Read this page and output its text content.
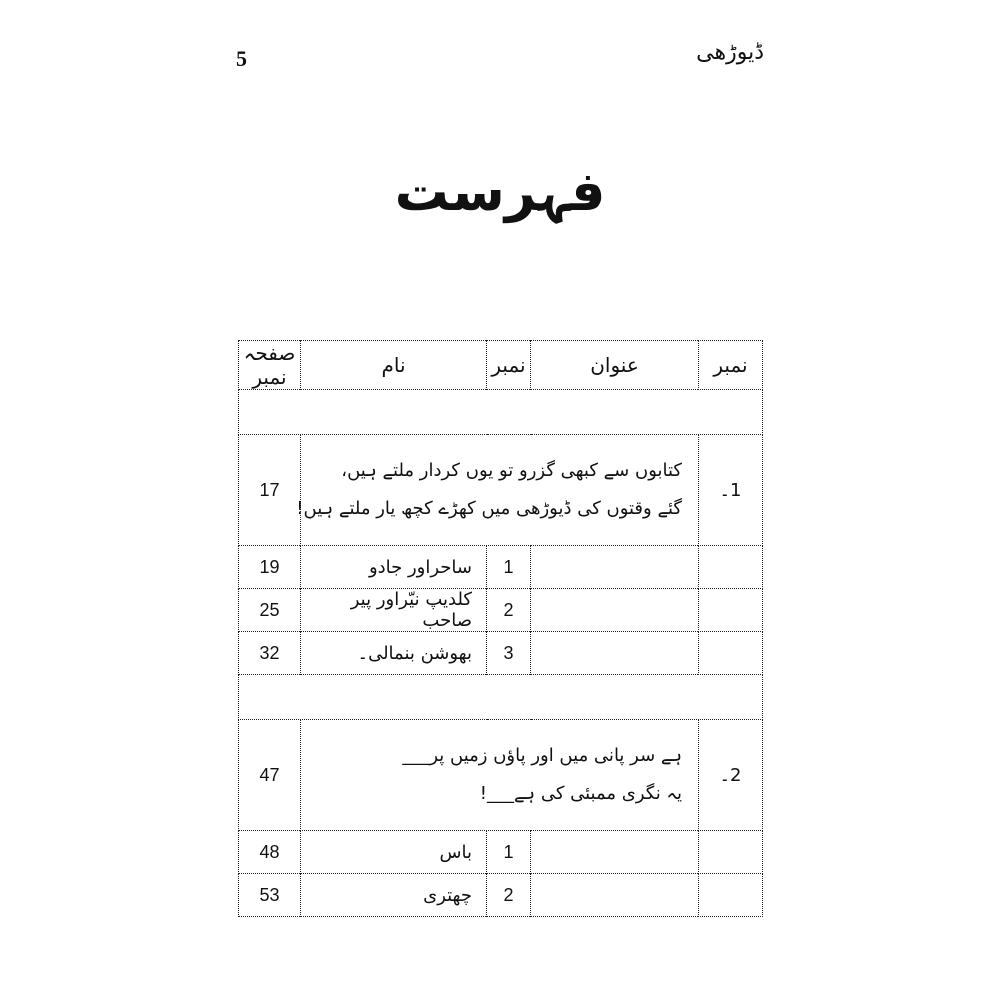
5	ڈیوڑھی
فہرست
نمبر	عنوان	نمبر	نام	صفحہ نمبر

1۔	کتابوں سے کبھی گزرو تو یوں کردار ملتے ہیں،
گئے وقتوں کی ڈیوڑھی میں کھڑے کچھ یار ملتے ہیں!			17
		1	ساحراور جادو	19
		2	کلدیپ نیّراور پیر صاحب	25
		3	بھوشن بنمالی۔	32

2۔	ہے سر پانی میں اور پاؤں زمیں پر___
یہ نگری ممبئی کی ہے___!			47
		1	باس	48
		2	چھتری	53
